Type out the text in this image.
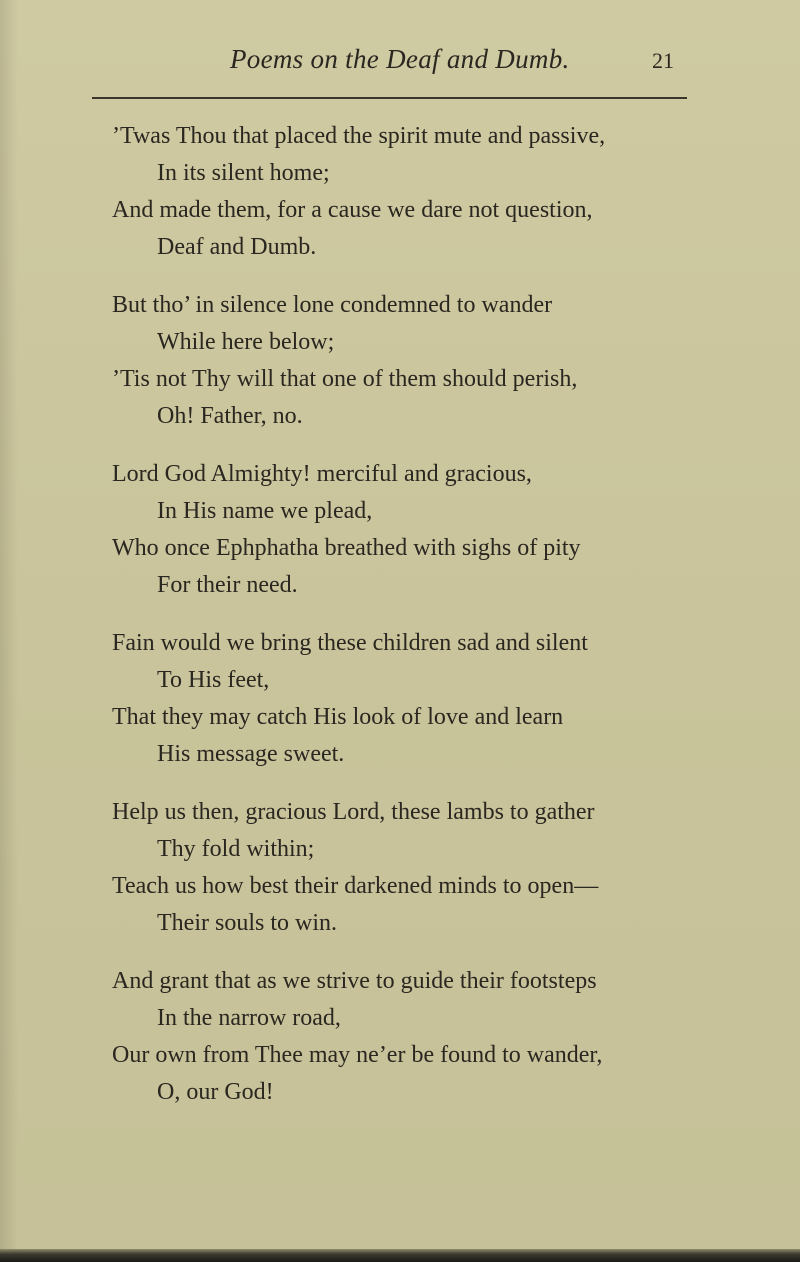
Poems on the Deaf and Dumb.	21
’Twas Thou that placed the spirit mute and passive,
In its silent home;
And made them, for a cause we dare not question,
Deaf and Dumb.
But tho’ in silence lone condemned to wander
While here below;
’Tis not Thy will that one of them should perish,
Oh! Father, no.
Lord God Almighty! merciful and gracious,
In His name we plead,
Who once Ephphatha breathed with sighs of pity
For their need.
Fain would we bring these children sad and silent
To His feet,
That they may catch His look of love and learn
His message sweet.
Help us then, gracious Lord, these lambs to gather
Thy fold within;
Teach us how best their darkened minds to open—
Their souls to win.
And grant that as we strive to guide their footsteps
In the narrow road,
Our own from Thee may ne’er be found to wander,
O, our God!
